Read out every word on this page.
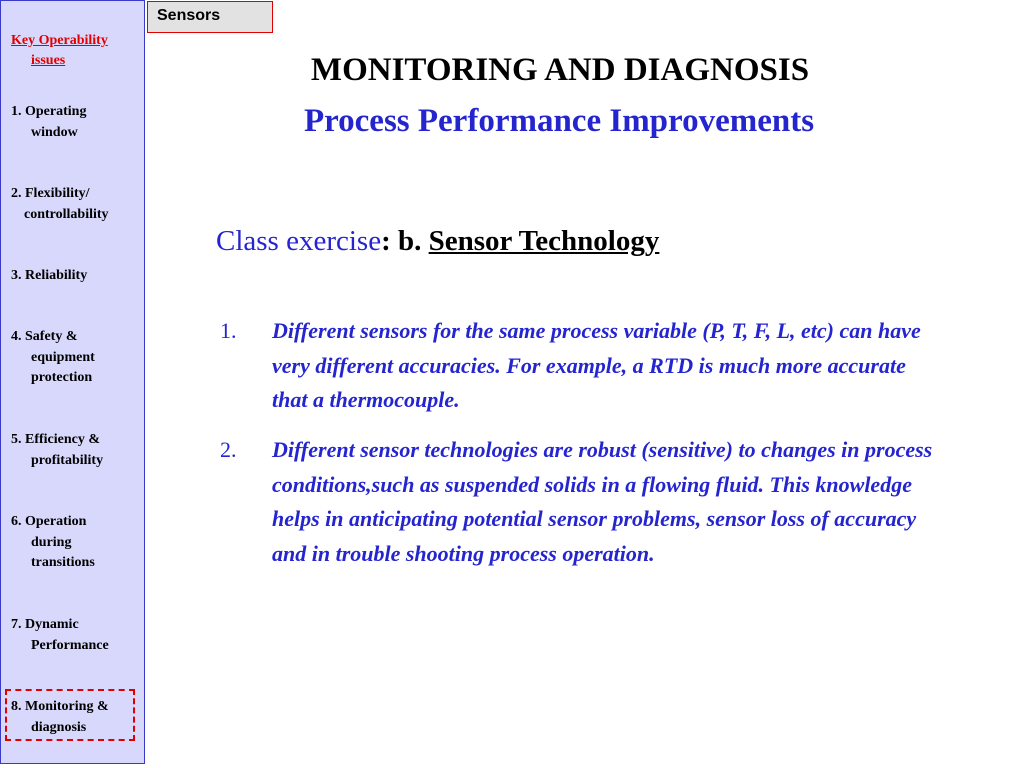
Key Operability
issues
1. Operating
window
2. Flexibility/
controllability
3. Reliability
4. Safety &
equipment
protection
5. Efficiency &
profitability
6. Operation
during
transitions
7. Dynamic
Performance
8. Monitoring &
diagnosis
Sensors
MONITORING AND DIAGNOSIS
Process Performance Improvements
Class exercise: b. Sensor Technology
1. Different sensors for the same process variable (P, T, F, L, etc) can have very different accuracies. For example, a RTD is much more accurate that a thermocouple.
2. Different sensor technologies are robust (sensitive) to changes in process conditions,such as suspended solids in a flowing fluid. This knowledge helps in anticipating potential sensor problems, sensor loss of accuracy and in trouble shooting process operation.
